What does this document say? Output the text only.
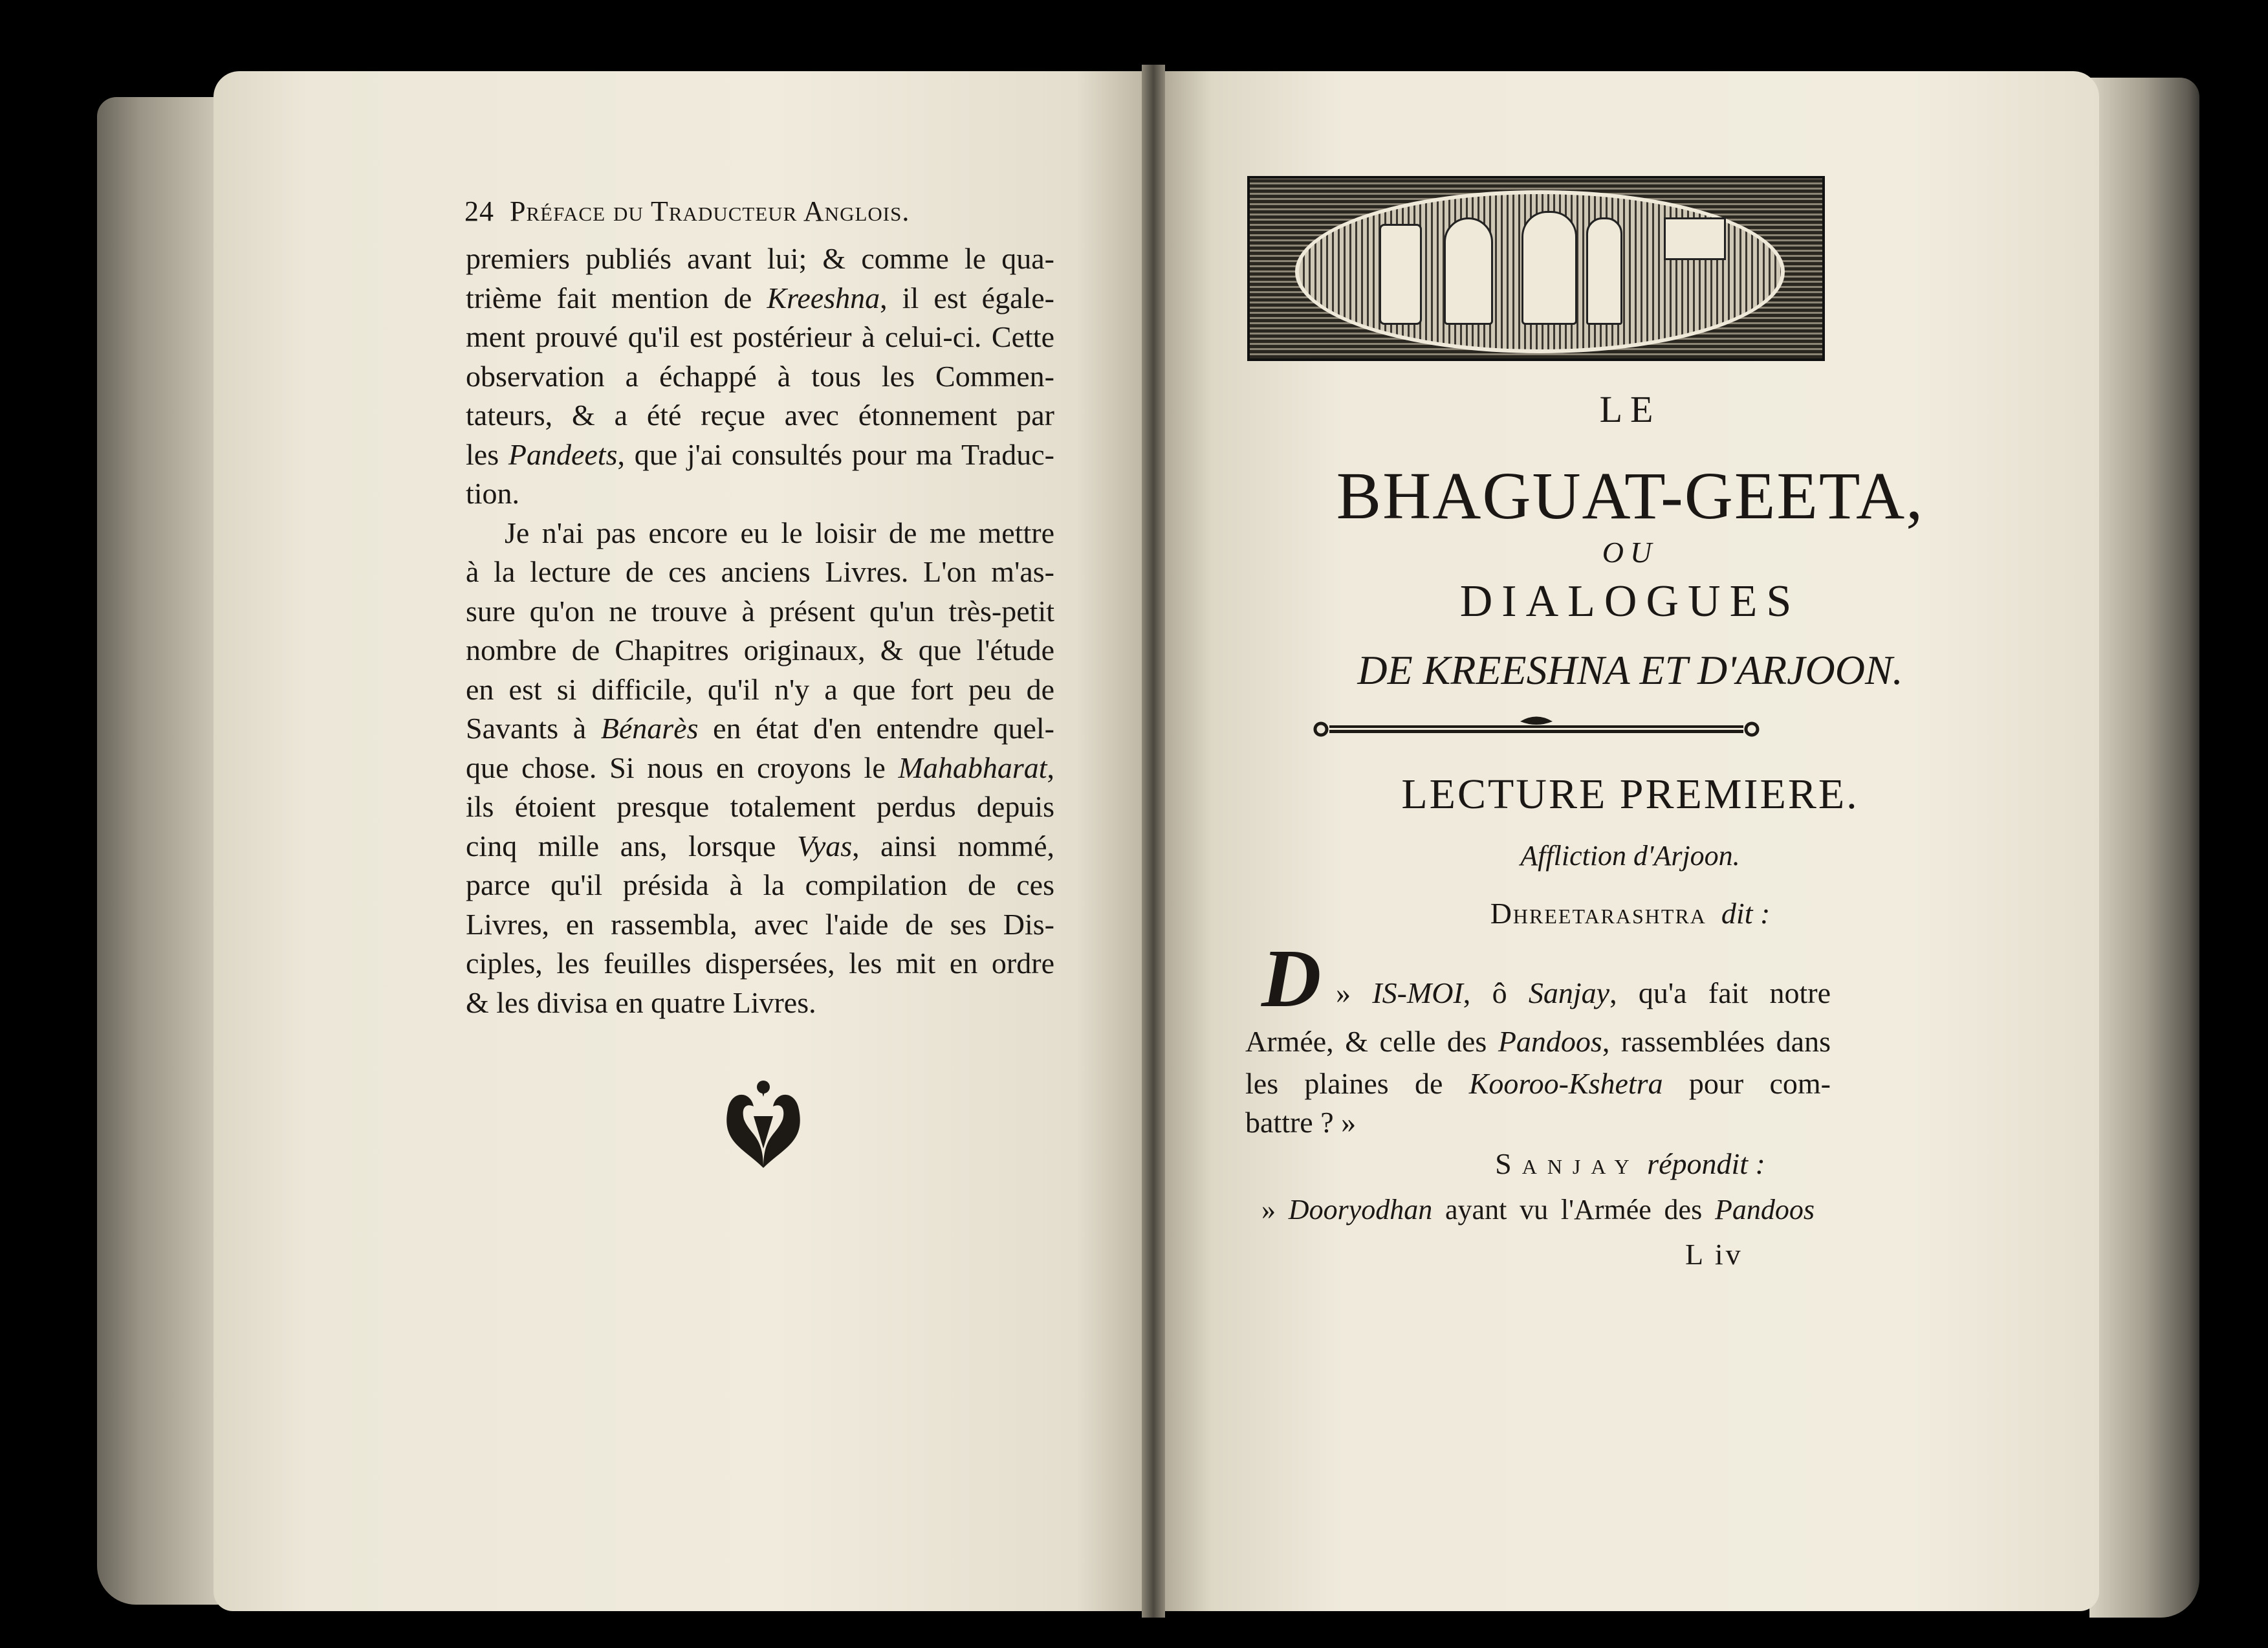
24 Préface du Traducteur Anglois.
premiers publiés avant lui; & comme le qua-
trième fait mention de Kreeshna, il est égale-
ment prouvé qu'il est postérieur à celui-ci. Cette
observation a échappé à tous les Commen-
tateurs, & a été reçue avec étonnement par
les Pandeets, que j'ai consultés pour ma Traduc-
tion.
Je n'ai pas encore eu le loisir de me mettre
à la lecture de ces anciens Livres. L'on m'as-
sure qu'on ne trouve à présent qu'un très-petit
nombre de Chapitres originaux, & que l'étude
en est si difficile, qu'il n'y a que fort peu de
Savants à Bénarès en état d'en entendre quel-
que chose. Si nous en croyons le Mahabharat,
ils étoient presque totalement perdus depuis
cinq mille ans, lorsque Vyas, ainsi nommé,
parce qu'il présida à la compilation de ces
Livres, en rassembla, avec l'aide de ses Dis-
ciples, les feuilles dispersées, les mit en ordre
& les divisa en quatre Livres.
LE
BHAGUAT-GEETA,
OU
DIALOGUES
DE KREESHNA ET D'ARJOON.
LECTURE PREMIERE.
Affliction d'Arjoon.
Dhreetarashtra dit :
D » IS-MOI, ô Sanjay, qu'a fait notre
Armée, & celle des Pandoos, rassemblées dans
les plaines de Kooroo-Kshetra pour com-
battre ? »
Sanjay répondit :
» Dooryodhan ayant vu l'Armée des Pandoos
L iv
